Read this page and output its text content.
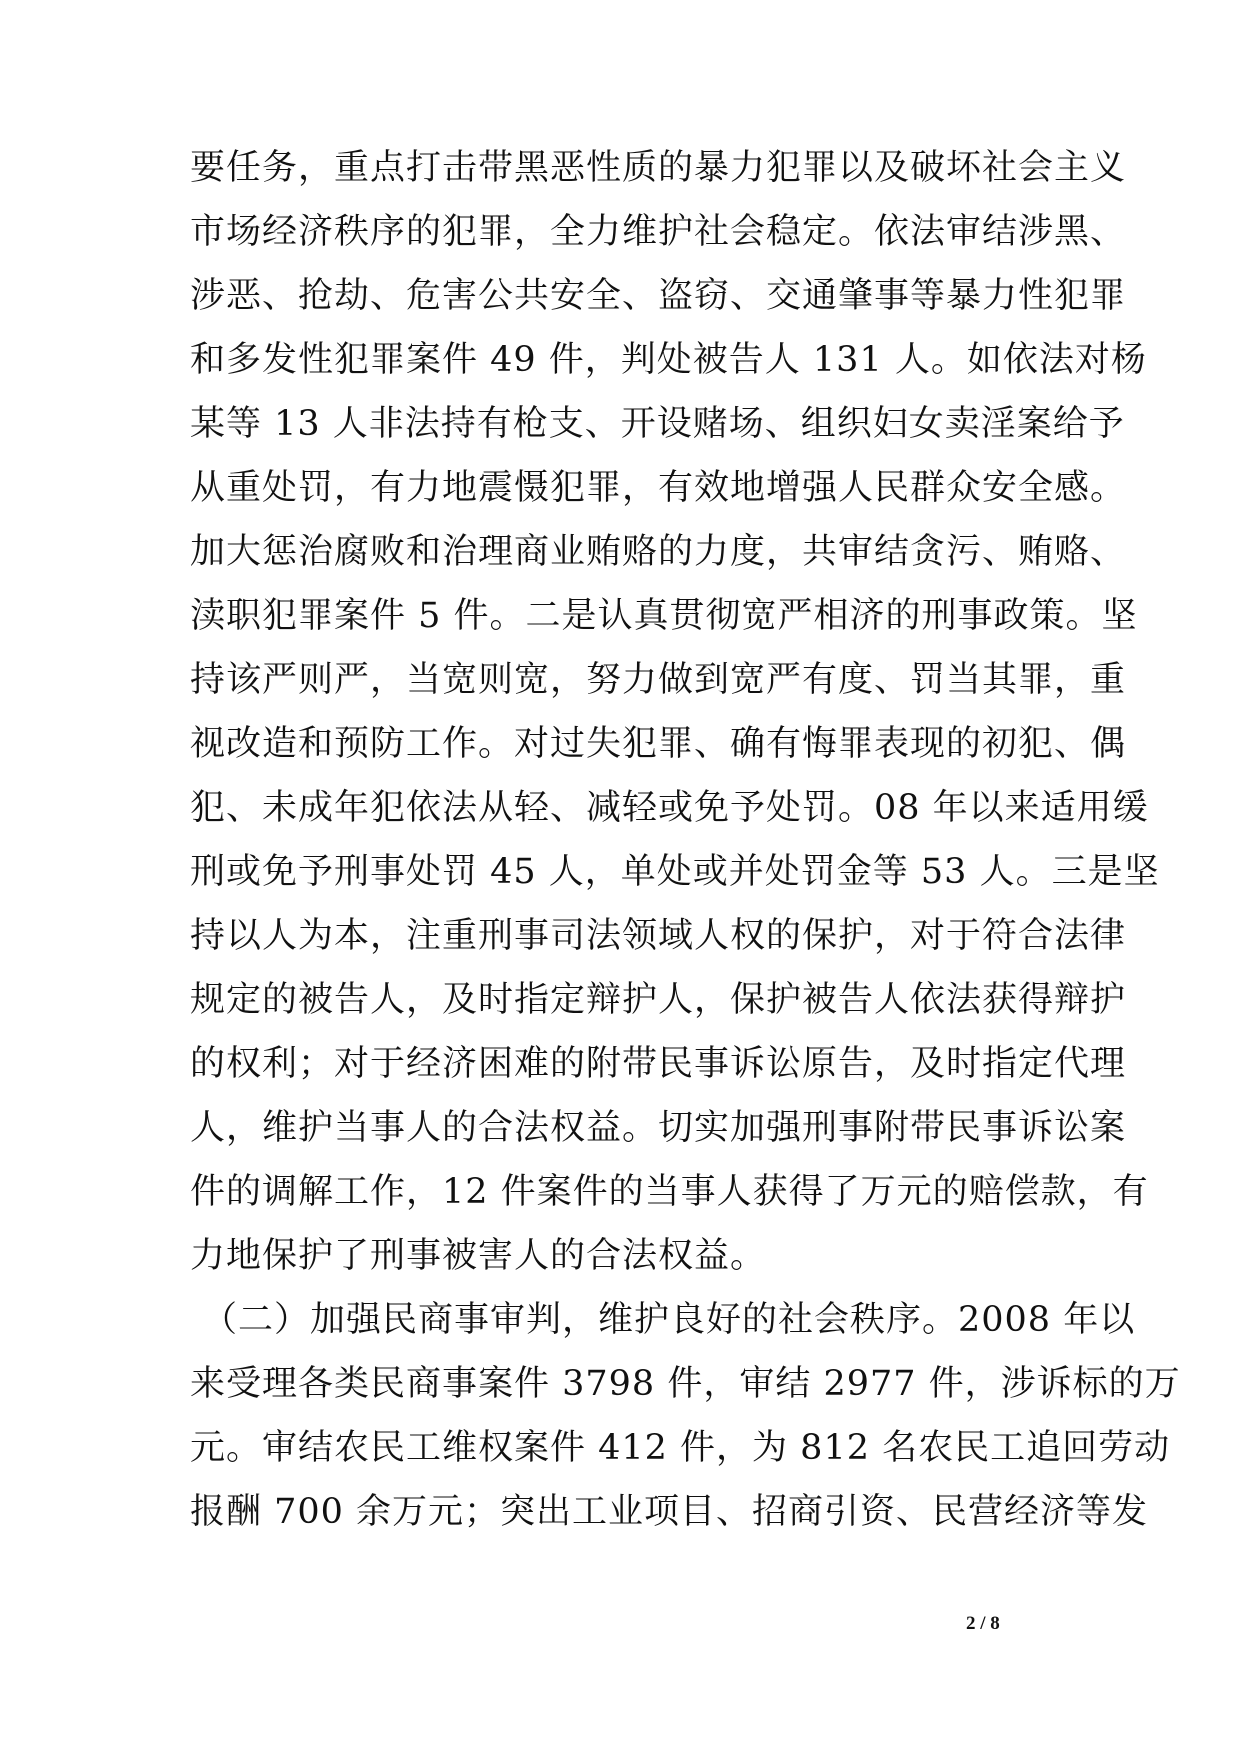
要任务，重点打击带黑恶性质的暴力犯罪以及破坏社会主义
市场经济秩序的犯罪，全力维护社会稳定。依法审结涉黑、
涉恶、抢劫、危害公共安全、盗窃、交通肇事等暴力性犯罪
和多发性犯罪案件 49 件，判处被告人 131 人。如依法对杨
某等 13 人非法持有枪支、开设赌场、组织妇女卖淫案给予
从重处罚，有力地震慑犯罪，有效地增强人民群众安全感。
加大惩治腐败和治理商业贿赂的力度，共审结贪污、贿赂、
渎职犯罪案件 5 件。二是认真贯彻宽严相济的刑事政策。坚
持该严则严，当宽则宽，努力做到宽严有度、罚当其罪，重
视改造和预防工作。对过失犯罪、确有悔罪表现的初犯、偶
犯、未成年犯依法从轻、减轻或免予处罚。08 年以来适用缓
刑或免予刑事处罚 45 人，单处或并处罚金等 53 人。三是坚
持以人为本，注重刑事司法领域人权的保护，对于符合法律
规定的被告人，及时指定辩护人，保护被告人依法获得辩护
的权利；对于经济困难的附带民事诉讼原告，及时指定代理
人，维护当事人的合法权益。切实加强刑事附带民事诉讼案
件的调解工作，12 件案件的当事人获得了万元的赔偿款，有
力地保护了刑事被害人的合法权益。
（二）加强民商事审判，维护良好的社会秩序。2008 年以
来受理各类民商事案件 3798 件，审结 2977 件，涉诉标的万
元。审结农民工维权案件 412 件，为 812 名农民工追回劳动
报酬 700 余万元；突出工业项目、招商引资、民营经济等发
2 / 8
